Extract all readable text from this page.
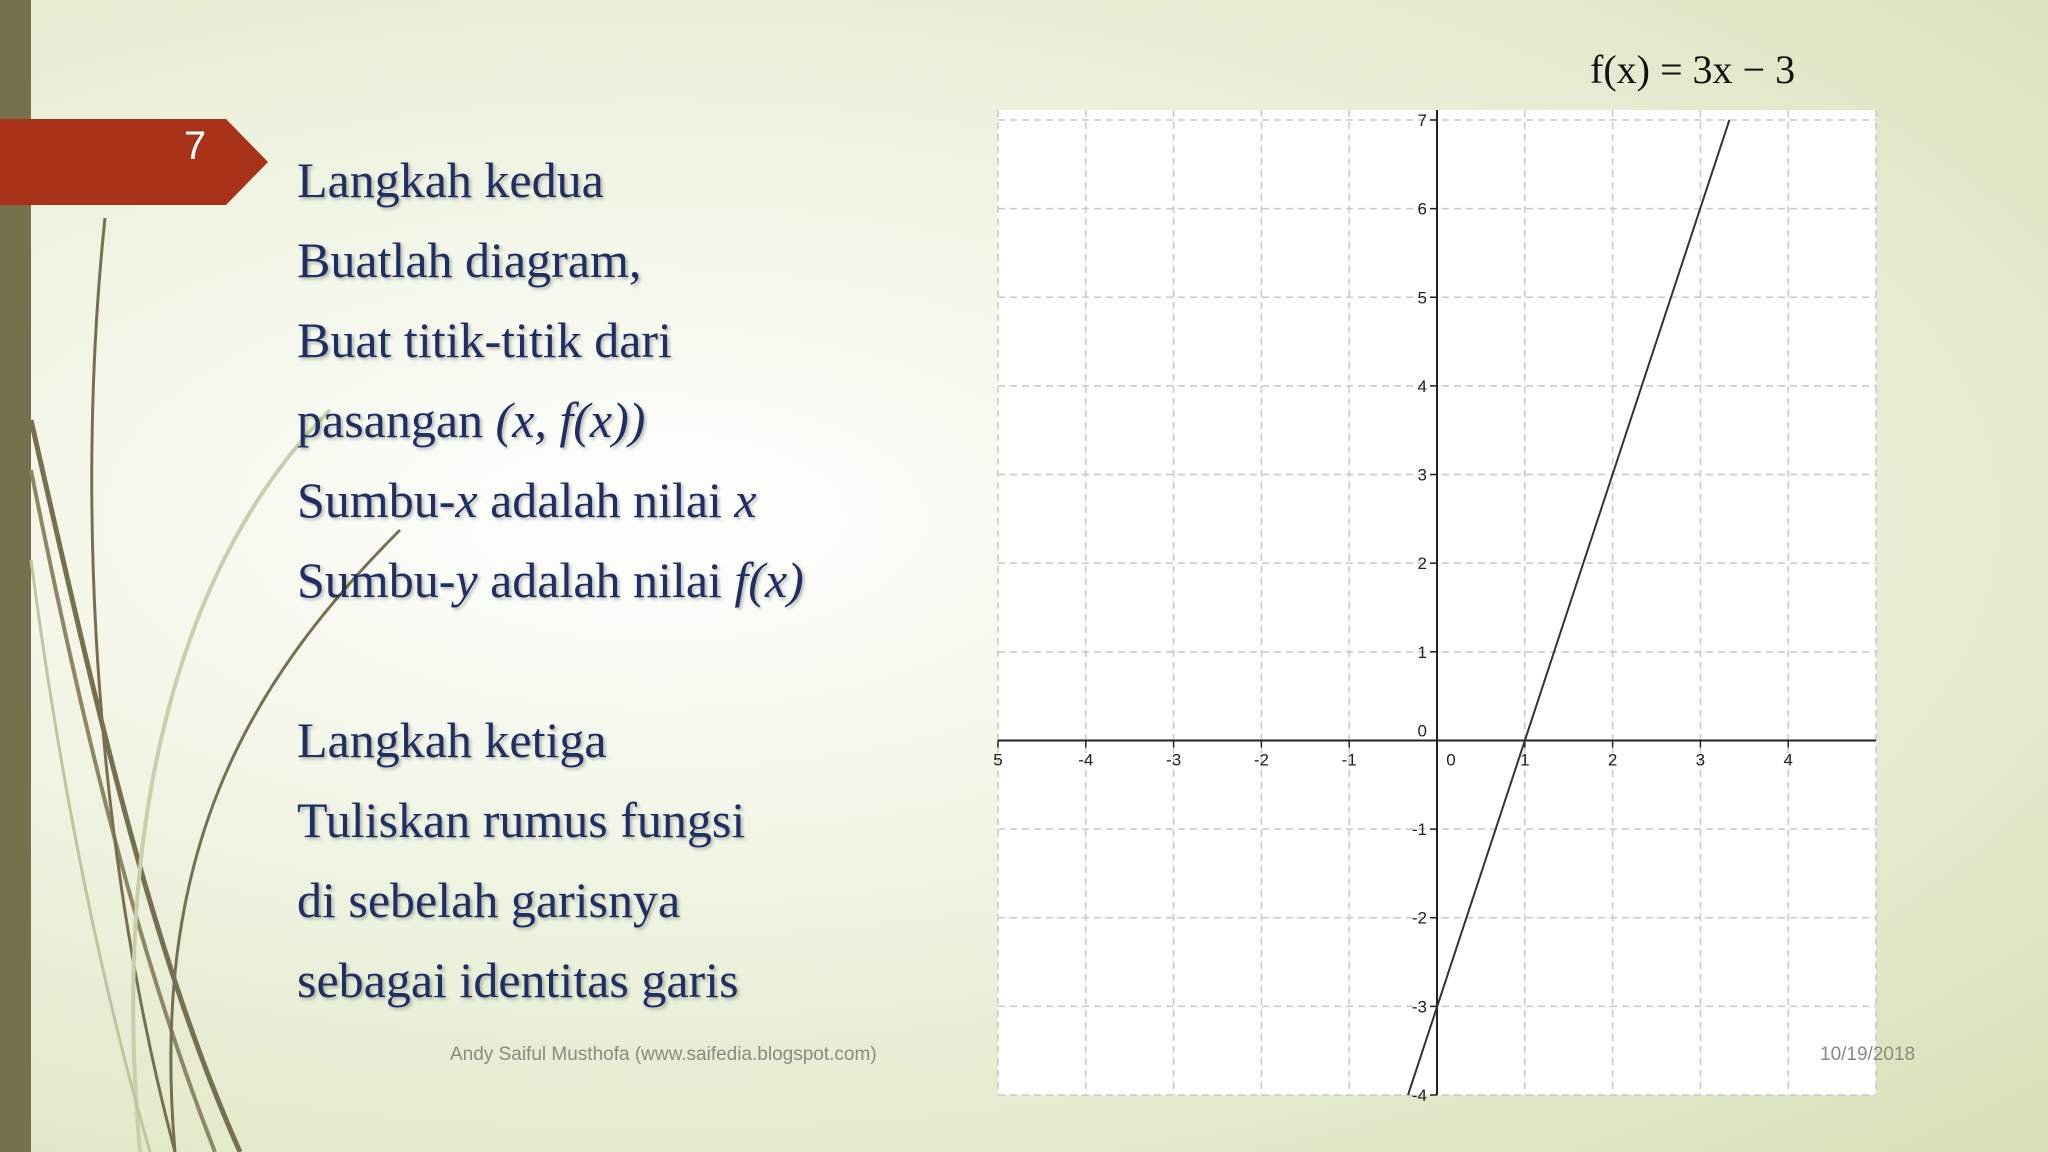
7
Langkah kedua
Buatlah diagram,
Buat titik-titik dari
pasangan (x, f(x))
Sumbu-x adalah nilai x
Sumbu-y adalah nilai f(x)
Langkah ketiga
Tuliskan rumus fungsi
di sebelah garisnya
sebagai identitas garis
f(x) = 3x − 3
5	-4	-3	-2	-1	0	1	2	3	4
-4
-3
-2
-1
0
1
2
3
4
5
6
7
Andy Saiful Musthofa (www.saifedia.blogspot.com)	10/19/2018
